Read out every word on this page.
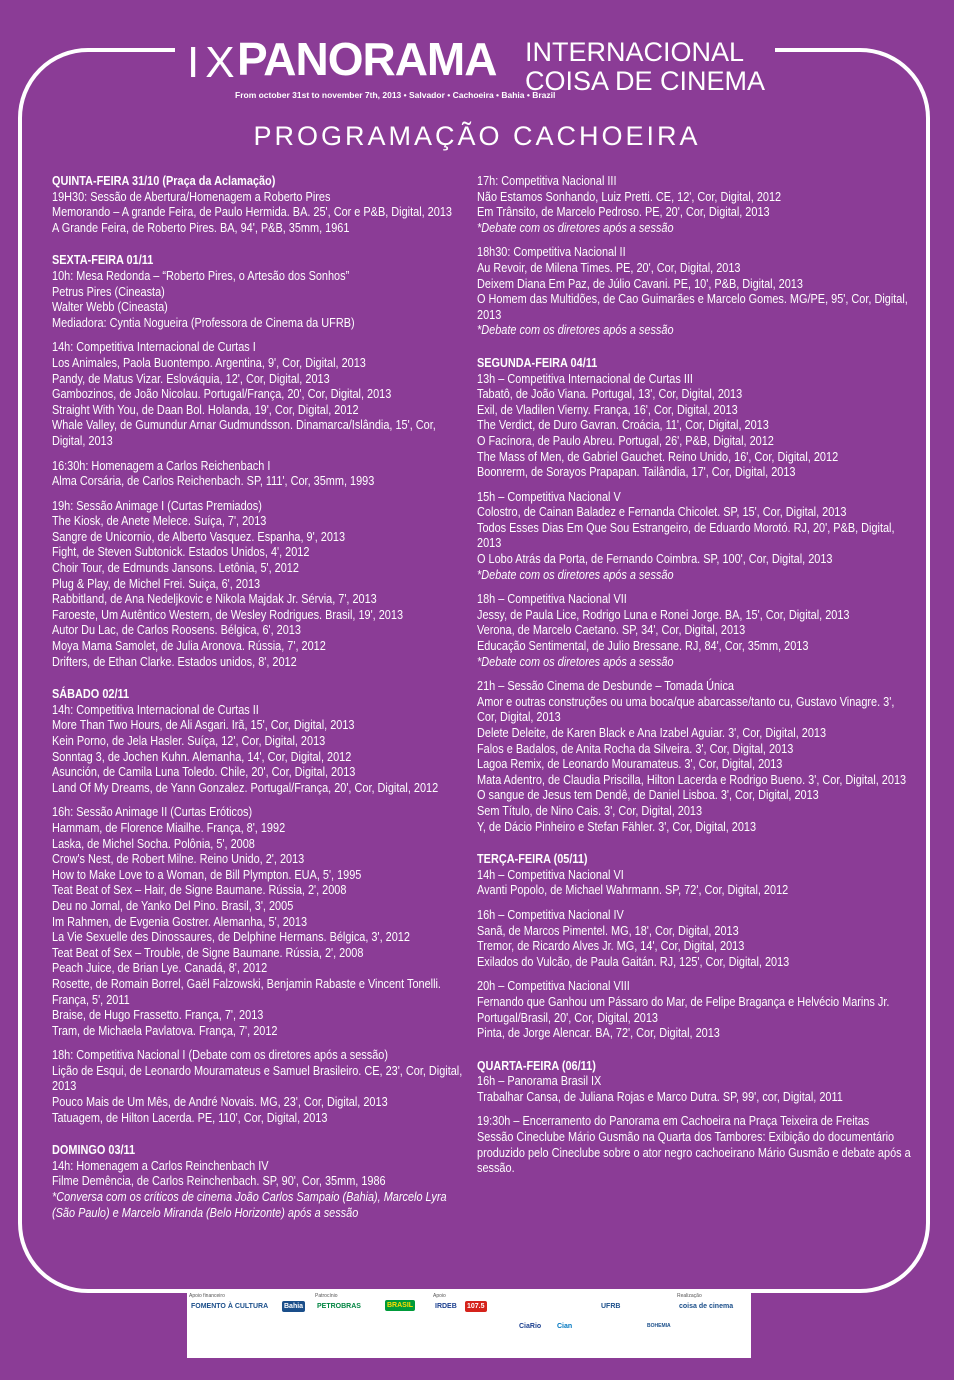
IX
PANORAMA
From october 31st to november 7th, 2013 • Salvador • Cachoeira • Bahia • Brazil
INTERNACIONAL
COISA DE CINEMA
PROGRAMAÇÃO CACHOEIRA
QUINTA-FEIRA 31/10 (Praça da Aclamação)
19H30: Sessão de Abertura/Homenagem a Roberto Pires
Memorando – A grande Feira, de Paulo Hermida. BA. 25', Cor e P&B, Digital, 2013
A Grande Feira, de Roberto Pires. BA, 94', P&B, 35mm, 1961
SEXTA-FEIRA 01/11
10h: Mesa Redonda – “Roberto Pires, o Artesão dos Sonhos”
Petrus Pires (Cineasta)
Walter Webb (Cineasta)
Mediadora: Cyntia Nogueira (Professora de Cinema da UFRB)
14h: Competitiva Internacional de Curtas I
Los Animales, Paola Buontempo. Argentina, 9', Cor, Digital, 2013
Pandy, de Matus Vizar. Eslováquia, 12', Cor, Digital, 2013
Gambozinos, de João Nicolau. Portugal/França, 20', Cor, Digital, 2013
Straight With You, de Daan Bol. Holanda, 19', Cor, Digital, 2012
Whale Valley, de Gumundur Arnar Gudmundsson. Dinamarca/Islândia, 15', Cor, Digital, 2013
16:30h: Homenagem a Carlos Reichenbach I
Alma Corsária, de Carlos Reichenbach. SP, 111', Cor, 35mm, 1993
19h: Sessão Animage I (Curtas Premiados)
The Kiosk, de Anete Melece. Suíça, 7', 2013
Sangre de Unicornio, de Alberto Vasquez. Espanha, 9', 2013
Fight, de Steven Subtonick. Estados Unidos, 4', 2012
Choir Tour, de Edmunds Jansons. Letônia, 5', 2012
Plug & Play, de Michel Frei. Suiça, 6', 2013
Rabbitland, de Ana Nedeljkovic e Nikola Majdak Jr. Sérvia, 7', 2013
Faroeste, Um Autêntico Western, de Wesley Rodrigues. Brasil, 19', 2013
Autor Du Lac, de Carlos Roosens. Bélgica, 6', 2013
Moya Mama Samolet, de Julia Aronova. Rússia, 7', 2012
Drifters, de Ethan Clarke. Estados unidos, 8', 2012
SÁBADO 02/11
14h: Competitiva Internacional de Curtas II
More Than Two Hours, de Ali Asgari. Irã, 15', Cor, Digital, 2013
Kein Porno, de Jela Hasler. Suíça, 12', Cor, Digital, 2013
Sonntag 3, de Jochen Kuhn. Alemanha, 14', Cor, Digital, 2012
Asunción, de Camila Luna Toledo. Chile, 20', Cor, Digital, 2013
Land Of My Dreams, de Yann Gonzalez. Portugal/França, 20', Cor, Digital, 2012
16h: Sessão Animage II (Curtas Eróticos)
Hammam, de Florence Miailhe. França, 8', 1992
Laska, de Michel Socha. Polônia, 5', 2008
Crow's Nest, de Robert Milne. Reino Unido, 2', 2013
How to Make Love to a Woman, de Bill Plympton. EUA, 5', 1995
Teat Beat of Sex – Hair, de Signe Baumane. Rússia, 2', 2008
Deu no Jornal, de Yanko Del Pino. Brasil, 3', 2005
Im Rahmen, de Evgenia Gostrer. Alemanha, 5', 2013
La Vie Sexuelle des Dinossaures, de Delphine Hermans. Bélgica, 3', 2012
Teat Beat of Sex – Trouble, de Signe Baumane. Rússia, 2', 2008
Peach Juice, de Brian Lye. Canadá, 8', 2012
Rosette, de Romain Borrel, Gaël Falzowski, Benjamin Rabaste e Vincent Tonelli. França, 5', 2011
Braise, de Hugo Frassetto. França, 7', 2013
Tram, de Michaela Pavlatova. França, 7', 2012
18h: Competitiva Nacional I (Debate com os diretores após a sessão)
Lição de Esqui, de Leonardo Mouramateus e Samuel Brasileiro. CE, 23', Cor, Digital, 2013
Pouco Mais de Um Mês, de André Novais. MG, 23', Cor, Digital, 2013
Tatuagem, de Hilton Lacerda. PE, 110', Cor, Digital, 2013
DOMINGO 03/11
14h: Homenagem a Carlos Reinchenbach IV
Filme Demência, de Carlos Reinchenbach. SP, 90', Cor, 35mm, 1986
*Conversa com os críticos de cinema João Carlos Sampaio (Bahia), Marcelo Lyra (São Paulo) e Marcelo Miranda (Belo Horizonte) após a sessão
17h: Competitiva Nacional III
Não Estamos Sonhando, Luiz Pretti. CE, 12', Cor, Digital, 2012
Em Trânsito, de Marcelo Pedroso. PE, 20', Cor, Digital, 2013
*Debate com os diretores após a sessão
18h30: Competitiva Nacional II
Au Revoir, de Milena Times. PE, 20', Cor, Digital, 2013
Deixem Diana Em Paz, de Júlio Cavani. PE, 10', P&B, Digital, 2013
O Homem das Multidões, de Cao Guimarães e Marcelo Gomes. MG/PE, 95', Cor, Digital, 2013
*Debate com os diretores após a sessão
SEGUNDA-FEIRA 04/11
13h – Competitiva Internacional de Curtas III
Tabatô, de João Viana. Portugal, 13', Cor, Digital, 2013
Exil, de Vladilen Vierny. França, 16', Cor, Digital, 2013
The Verdict, de Duro Gavran. Croácia, 11', Cor, Digital, 2013
O Facínora, de Paulo Abreu. Portugal, 26', P&B, Digital, 2012
The Mass of Men, de Gabriel Gauchet. Reino Unido, 16', Cor, Digital, 2012
Boonrerm, de Sorayos Prapapan. Tailândia, 17', Cor, Digital, 2013
15h – Competitiva Nacional V
Colostro, de Cainan Baladez e Fernanda Chicolet. SP, 15', Cor, Digital, 2013
Todos Esses Dias Em Que Sou Estrangeiro, de Eduardo Morotó. RJ, 20', P&B, Digital, 2013
O Lobo Atrás da Porta, de Fernando Coimbra. SP, 100', Cor, Digital, 2013
*Debate com os diretores após a sessão
18h – Competitiva Nacional VII
Jessy, de Paula Lice, Rodrigo Luna e Ronei Jorge. BA, 15', Cor, Digital, 2013
Verona, de Marcelo Caetano. SP, 34', Cor, Digital, 2013
Educação Sentimental, de Julio Bressane. RJ, 84', Cor, 35mm, 2013
*Debate com os diretores após a sessão
21h – Sessão Cinema de Desbunde – Tomada Única
Amor e outras construções ou uma boca/que abarcasse/tanto cu, Gustavo Vinagre. 3', Cor, Digital, 2013
Delete Deleite, de Karen Black e Ana Izabel Aguiar. 3', Cor, Digital, 2013
Falos e Badalos, de Anita Rocha da Silveira. 3', Cor, Digital, 2013
Lagoa Remix, de Leonardo Mouramateus. 3', Cor, Digital, 2013
Mata Adentro, de Claudia Priscilla, Hilton Lacerda e Rodrigo Bueno. 3', Cor, Digital, 2013
O sangue de Jesus tem Dendê, de Daniel Lisboa. 3', Cor, Digital, 2013
Sem Título, de Nino Cais. 3', Cor, Digital, 2013
Y, de Dácio Pinheiro e Stefan Fähler. 3', Cor, Digital, 2013
TERÇA-FEIRA (05/11)
14h – Competitiva Nacional VI
Avanti Popolo, de Michael Wahrmann. SP, 72', Cor, Digital, 2012
16h – Competitiva Nacional IV
Sanã, de Marcos Pimentel. MG, 18', Cor, Digital, 2013
Tremor, de Ricardo Alves Jr. MG, 14', Cor, Digital, 2013
Exilados do Vulcão, de Paula Gaitán. RJ, 125', Cor, Digital, 2013
20h – Competitiva Nacional VIII
Fernando que Ganhou um Pássaro do Mar, de Felipe Bragança e Helvécio Marins Jr. Portugal/Brasil, 20', Cor, Digital, 2013
Pinta, de Jorge Alencar. BA, 72', Cor, Digital, 2013
QUARTA-FEIRA (06/11)
16h – Panorama Brasil IX
Trabalhar Cansa, de Juliana Rojas e Marco Dutra. SP, 99', cor, Digital, 2011
19:30h – Encerramento do Panorama em Cachoeira na Praça Teixeira de Freitas
Sessão Cineclube Mário Gusmão na Quarta dos Tambores: Exibição do documentário produzido pelo Cineclube sobre o ator negro cachoeirano Mário Gusmão e debate após a sessão.
Apoio financeiro	Patrocínio	Apoio	Realização
FOMENTO À CULTURA Bahia PETROBRAS	BRASIL	IRDEB 107.5
CiaRio Cian
UFRB
BOHEMIA
coisa de cinema
